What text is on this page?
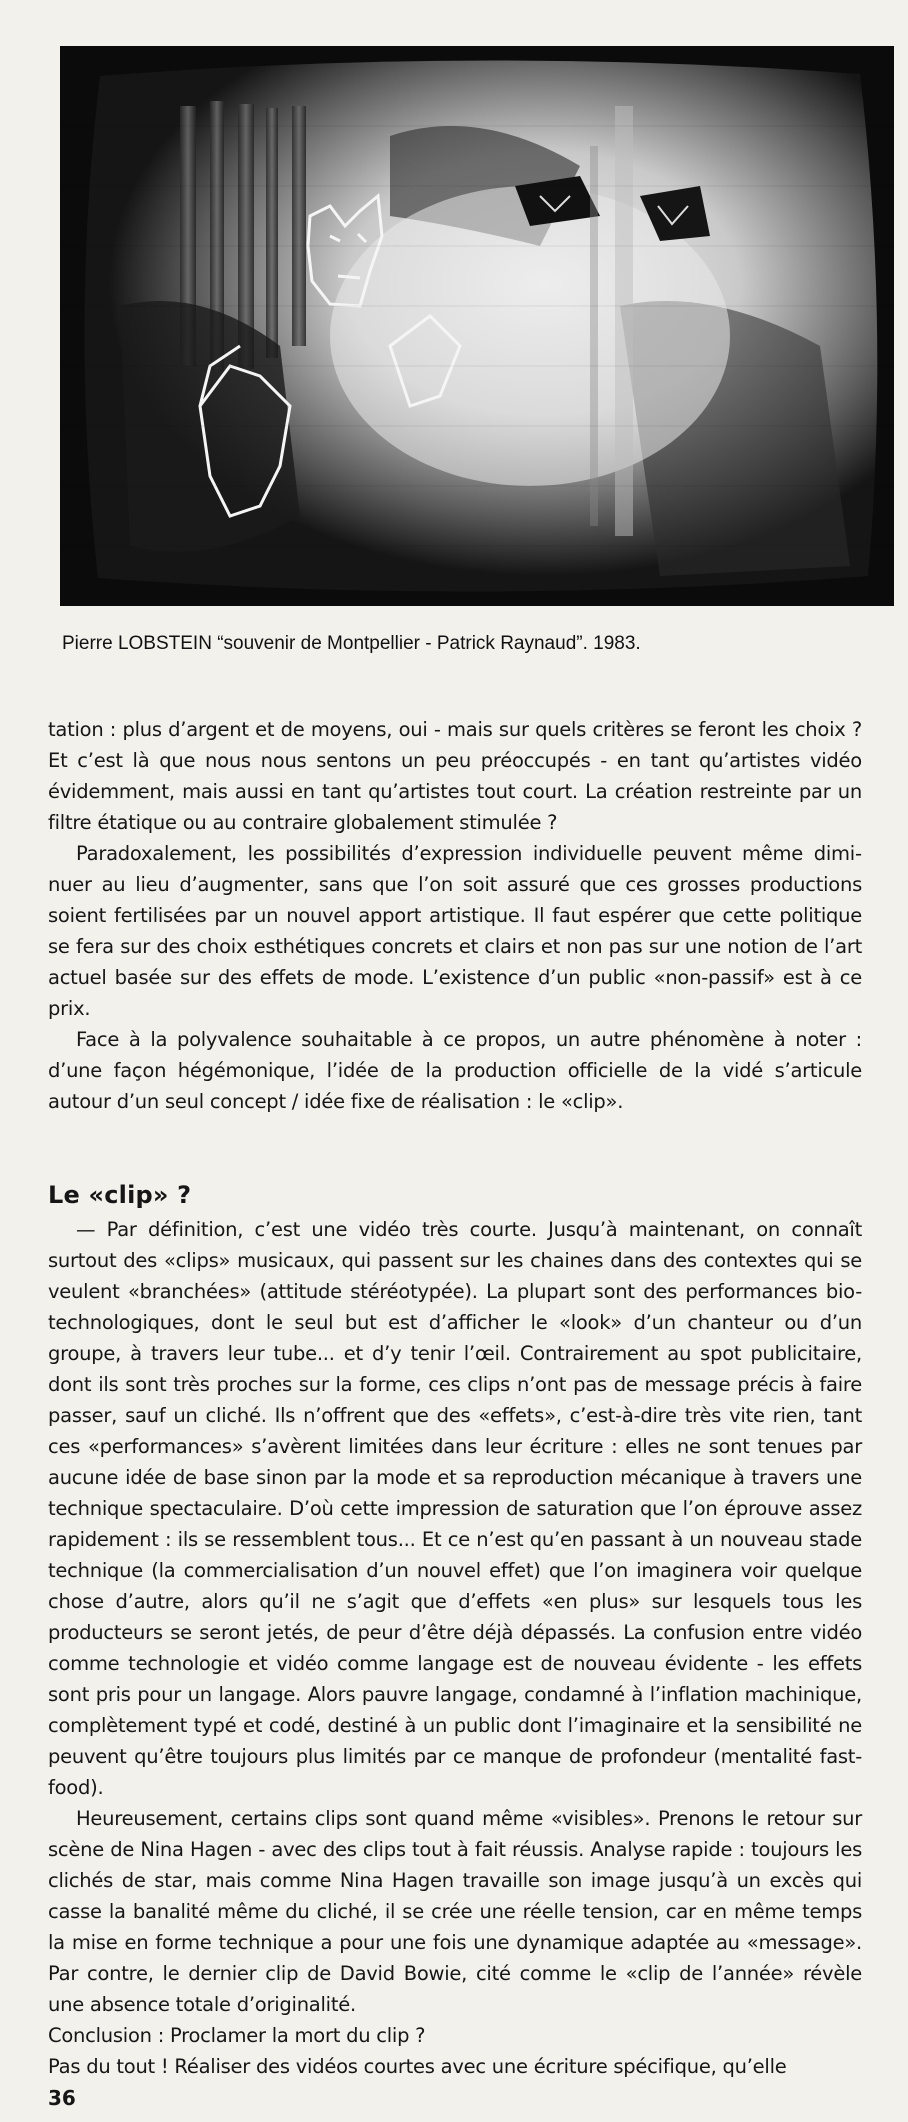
Pierre LOBSTEIN “souvenir de Montpellier - Patrick Raynaud”. 1983.

tation : plus d’argent et de moyens, oui - mais sur quels critères se feront les choix ? Et c’est là que nous nous sentons un peu préoccupés - en tant qu’artistes vidéo évidemment, mais aussi en tant qu’artistes tout court. La création restreinte par un filtre étatique ou au contraire globalement stimulée ?

Paradoxalement, les possibilités d’expression individuelle peuvent même diminuer au lieu d’augmenter, sans que l’on soit assuré que ces grosses productions soient fertilisées par un nouvel apport artistique. Il faut espérer que cette politique se fera sur des choix esthétiques concrets et clairs et non pas sur une notion de l’art actuel basée sur des effets de mode. L’existence d’un public «non-passif» est à ce prix.

Face à la polyvalence souhaitable à ce propos, un autre phénomène à noter : d’une façon hégémonique, l’idée de la production officielle de la vidé s’articule autour d’un seul concept / idée fixe de réalisation : le «clip».

Le «clip» ?

— Par définition, c’est une vidéo très courte. Jusqu’à maintenant, on connaît surtout des «clips» musicaux, qui passent sur les chaines dans des contextes qui se veulent «branchées» (attitude stéréotypée). La plupart sont des performances bio-technologiques, dont le seul but est d’afficher le «look» d’un chanteur ou d’un groupe, à travers leur tube... et d’y tenir l’œil. Contrairement au spot publicitaire, dont ils sont très proches sur la forme, ces clips n’ont pas de message précis à faire passer, sauf un cliché. Ils n’offrent que des «effets», c’est-à-dire très vite rien, tant ces «performances» s’avèrent limitées dans leur écriture : elles ne sont tenues par aucune idée de base sinon par la mode et sa reproduction mécanique à travers une technique spectaculaire. D’où cette impression de saturation que l’on éprouve assez rapidement : ils se ressemblent tous... Et ce n’est qu’en passant à un nouveau stade technique (la commercialisation d’un nouvel effet) que l’on imaginera voir quelque chose d’autre, alors qu’il ne s’agit que d’effets «en plus» sur lesquels tous les producteurs se seront jetés, de peur d’être déjà dépassés. La confusion entre vidéo comme technologie et vidéo comme langage est de nouveau évidente - les effets sont pris pour un langage. Alors pauvre langage, condamné à l’inflation machinique, complètement typé et codé, destiné à un public dont l’imaginaire et la sensibilité ne peuvent qu’être toujours plus limités par ce manque de profondeur (mentalité fast-food).

Heureusement, certains clips sont quand même «visibles». Prenons le retour sur scène de Nina Hagen - avec des clips tout à fait réussis. Analyse rapide : toujours les clichés de star, mais comme Nina Hagen travaille son image jusqu’à un excès qui casse la banalité même du cliché, il se crée une réelle tension, car en même temps la mise en forme technique a pour une fois une dynamique adaptée au «message». Par contre, le dernier clip de David Bowie, cité comme le «clip de l’année» révèle une absence totale d’originalité.

Conclusion : Proclamer la mort du clip ?

Pas du tout ! Réaliser des vidéos courtes avec une écriture spécifique, qu’elle

36
